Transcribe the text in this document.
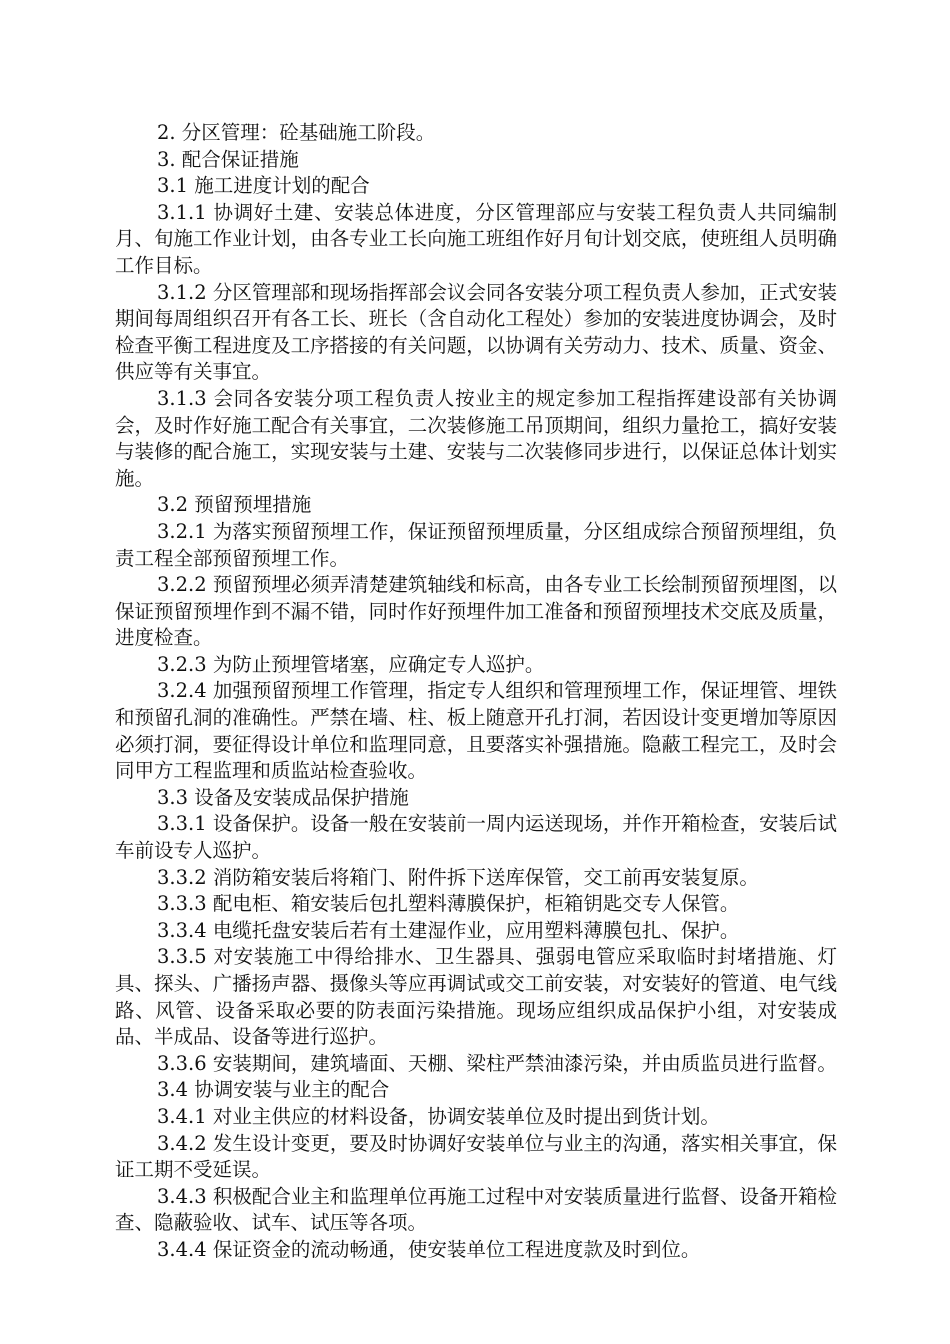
2. 分区管理：砼基础施工阶段。

3. 配合保证措施

3.1 施工进度计划的配合

3.1.1 协调好土建、安装总体进度，分区管理部应与安装工程负责人共同编制月、旬施工作业计划，由各专业工长向施工班组作好月旬计划交底，使班组人员明确工作目标。

3.1.2 分区管理部和现场指挥部会议会同各安装分项工程负责人参加，正式安装期间每周组织召开有各工长、班长（含自动化工程处）参加的安装进度协调会，及时检查平衡工程进度及工序搭接的有关问题，以协调有关劳动力、技术、质量、资金、供应等有关事宜。

3.1.3 会同各安装分项工程负责人按业主的规定参加工程指挥建设部有关协调会，及时作好施工配合有关事宜，二次装修施工吊顶期间，组织力量抢工，搞好安装与装修的配合施工，实现安装与土建、安装与二次装修同步进行，以保证总体计划实施。

3.2 预留预埋措施

3.2.1 为落实预留预埋工作，保证预留预埋质量，分区组成综合预留预埋组，负责工程全部预留预埋工作。

3.2.2 预留预埋必须弄清楚建筑轴线和标高，由各专业工长绘制预留预埋图，以保证预留预埋作到不漏不错，同时作好预埋件加工准备和预留预埋技术交底及质量，进度检查。

3.2.3 为防止预埋管堵塞，应确定专人巡护。

3.2.4 加强预留预埋工作管理，指定专人组织和管理预埋工作，保证埋管、埋铁和预留孔洞的准确性。严禁在墙、柱、板上随意开孔打洞，若因设计变更增加等原因必须打洞，要征得设计单位和监理同意，且要落实补强措施。隐蔽工程完工，及时会同甲方工程监理和质监站检查验收。

3.3 设备及安装成品保护措施

3.3.1 设备保护。设备一般在安装前一周内运送现场，并作开箱检查，安装后试车前设专人巡护。

3.3.2 消防箱安装后将箱门、附件拆下送库保管，交工前再安装复原。

3.3.3 配电柜、箱安装后包扎塑料薄膜保护，柜箱钥匙交专人保管。

3.3.4 电缆托盘安装后若有土建湿作业，应用塑料薄膜包扎、保护。

3.3.5 对安装施工中得给排水、卫生器具、强弱电管应采取临时封堵措施、灯具、探头、广播扬声器、摄像头等应再调试或交工前安装，对安装好的管道、电气线路、风管、设备采取必要的防表面污染措施。现场应组织成品保护小组，对安装成品、半成品、设备等进行巡护。

3.3.6 安装期间，建筑墙面、天棚、梁柱严禁油漆污染，并由质监员进行监督。

3.4 协调安装与业主的配合

3.4.1 对业主供应的材料设备，协调安装单位及时提出到货计划。

3.4.2 发生设计变更，要及时协调好安装单位与业主的沟通，落实相关事宜，保证工期不受延误。

3.4.3 积极配合业主和监理单位再施工过程中对安装质量进行监督、设备开箱检查、隐蔽验收、试车、试压等各项。

3.4.4 保证资金的流动畅通，使安装单位工程进度款及时到位。
